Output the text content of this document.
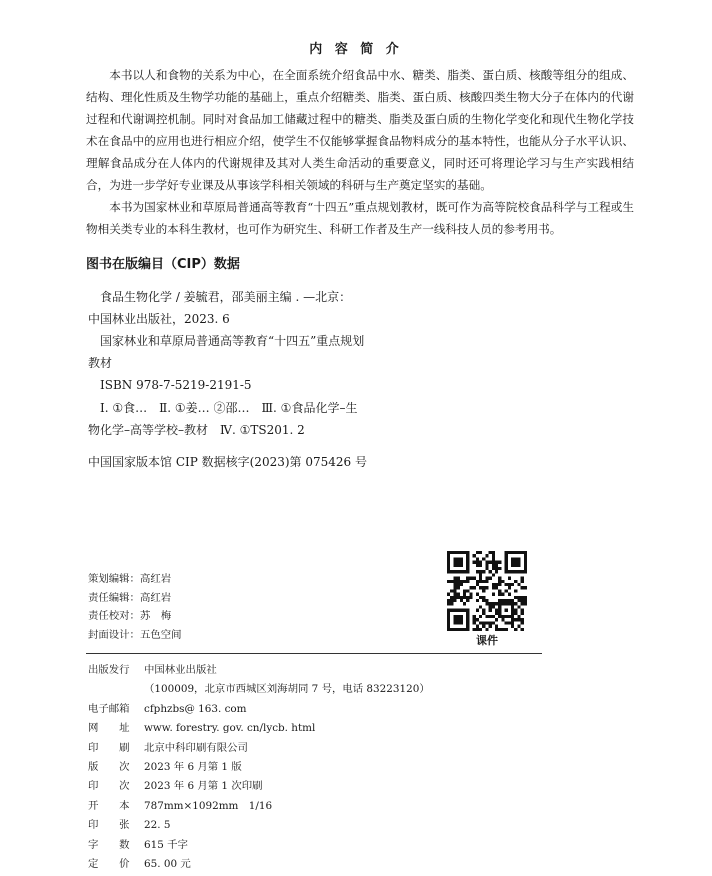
内 容 简 介

本书以人和食物的关系为中心，在全面系统介绍食品中水、糖类、脂类、蛋白质、核酸等组分的组成、结构、理化性质及生物学功能的基础上，重点介绍糖类、脂类、蛋白质、核酸四类生物大分子在体内的代谢过程和代谢调控机制。同时对食品加工储藏过程中的糖类、脂类及蛋白质的生物化学变化和现代生物化学技术在食品中的应用也进行相应介绍，使学生不仅能够掌握食品物料成分的基本特性，也能从分子水平认识、理解食品成分在人体内的代谢规律及其对人类生命活动的重要意义，同时还可将理论学习与生产实践相结合，为进一步学好专业课及从事该学科相关领域的科研与生产奠定坚实的基础。

本书为国家林业和草原局普通高等教育“十四五”重点规划教材，既可作为高等院校食品科学与工程或生物相关类专业的本科生教材，也可作为研究生、科研工作者及生产一线科技人员的参考用书。

图书在版编目（CIP）数据
食品生物化学 / 姜毓君，邵美丽主编 . —北京：
中国林业出版社，2023. 6
国家林业和草原局普通高等教育“十四五”重点规划
教材
ISBN 978-7-5219-2191-5
Ⅰ. ①食…　Ⅱ. ①姜… ②邵…　Ⅲ. ①食品化学–生
物化学–高等学校–教材　Ⅳ. ①TS201. 2
中国国家版本馆 CIP 数据核字(2023)第 075426 号
策划编辑：高红岩
责任编辑：高红岩
责任校对：苏　梅
封面设计：五色空间	课件
出版发行	中国林业出版社
（100009，北京市西城区刘海胡同 7 号，电话 83223120）
电子邮箱	cfphzbs@ 163. com
网　　址	www. forestry. gov. cn/lycb. html
印　　刷	北京中科印刷有限公司
版　　次	2023 年 6 月第 1 版
印　　次	2023 年 6 月第 1 次印刷
开　　本	787mm×1092mm　1/16
印　　张	22. 5
字　　数	615 千字
定　　价	65. 00 元
